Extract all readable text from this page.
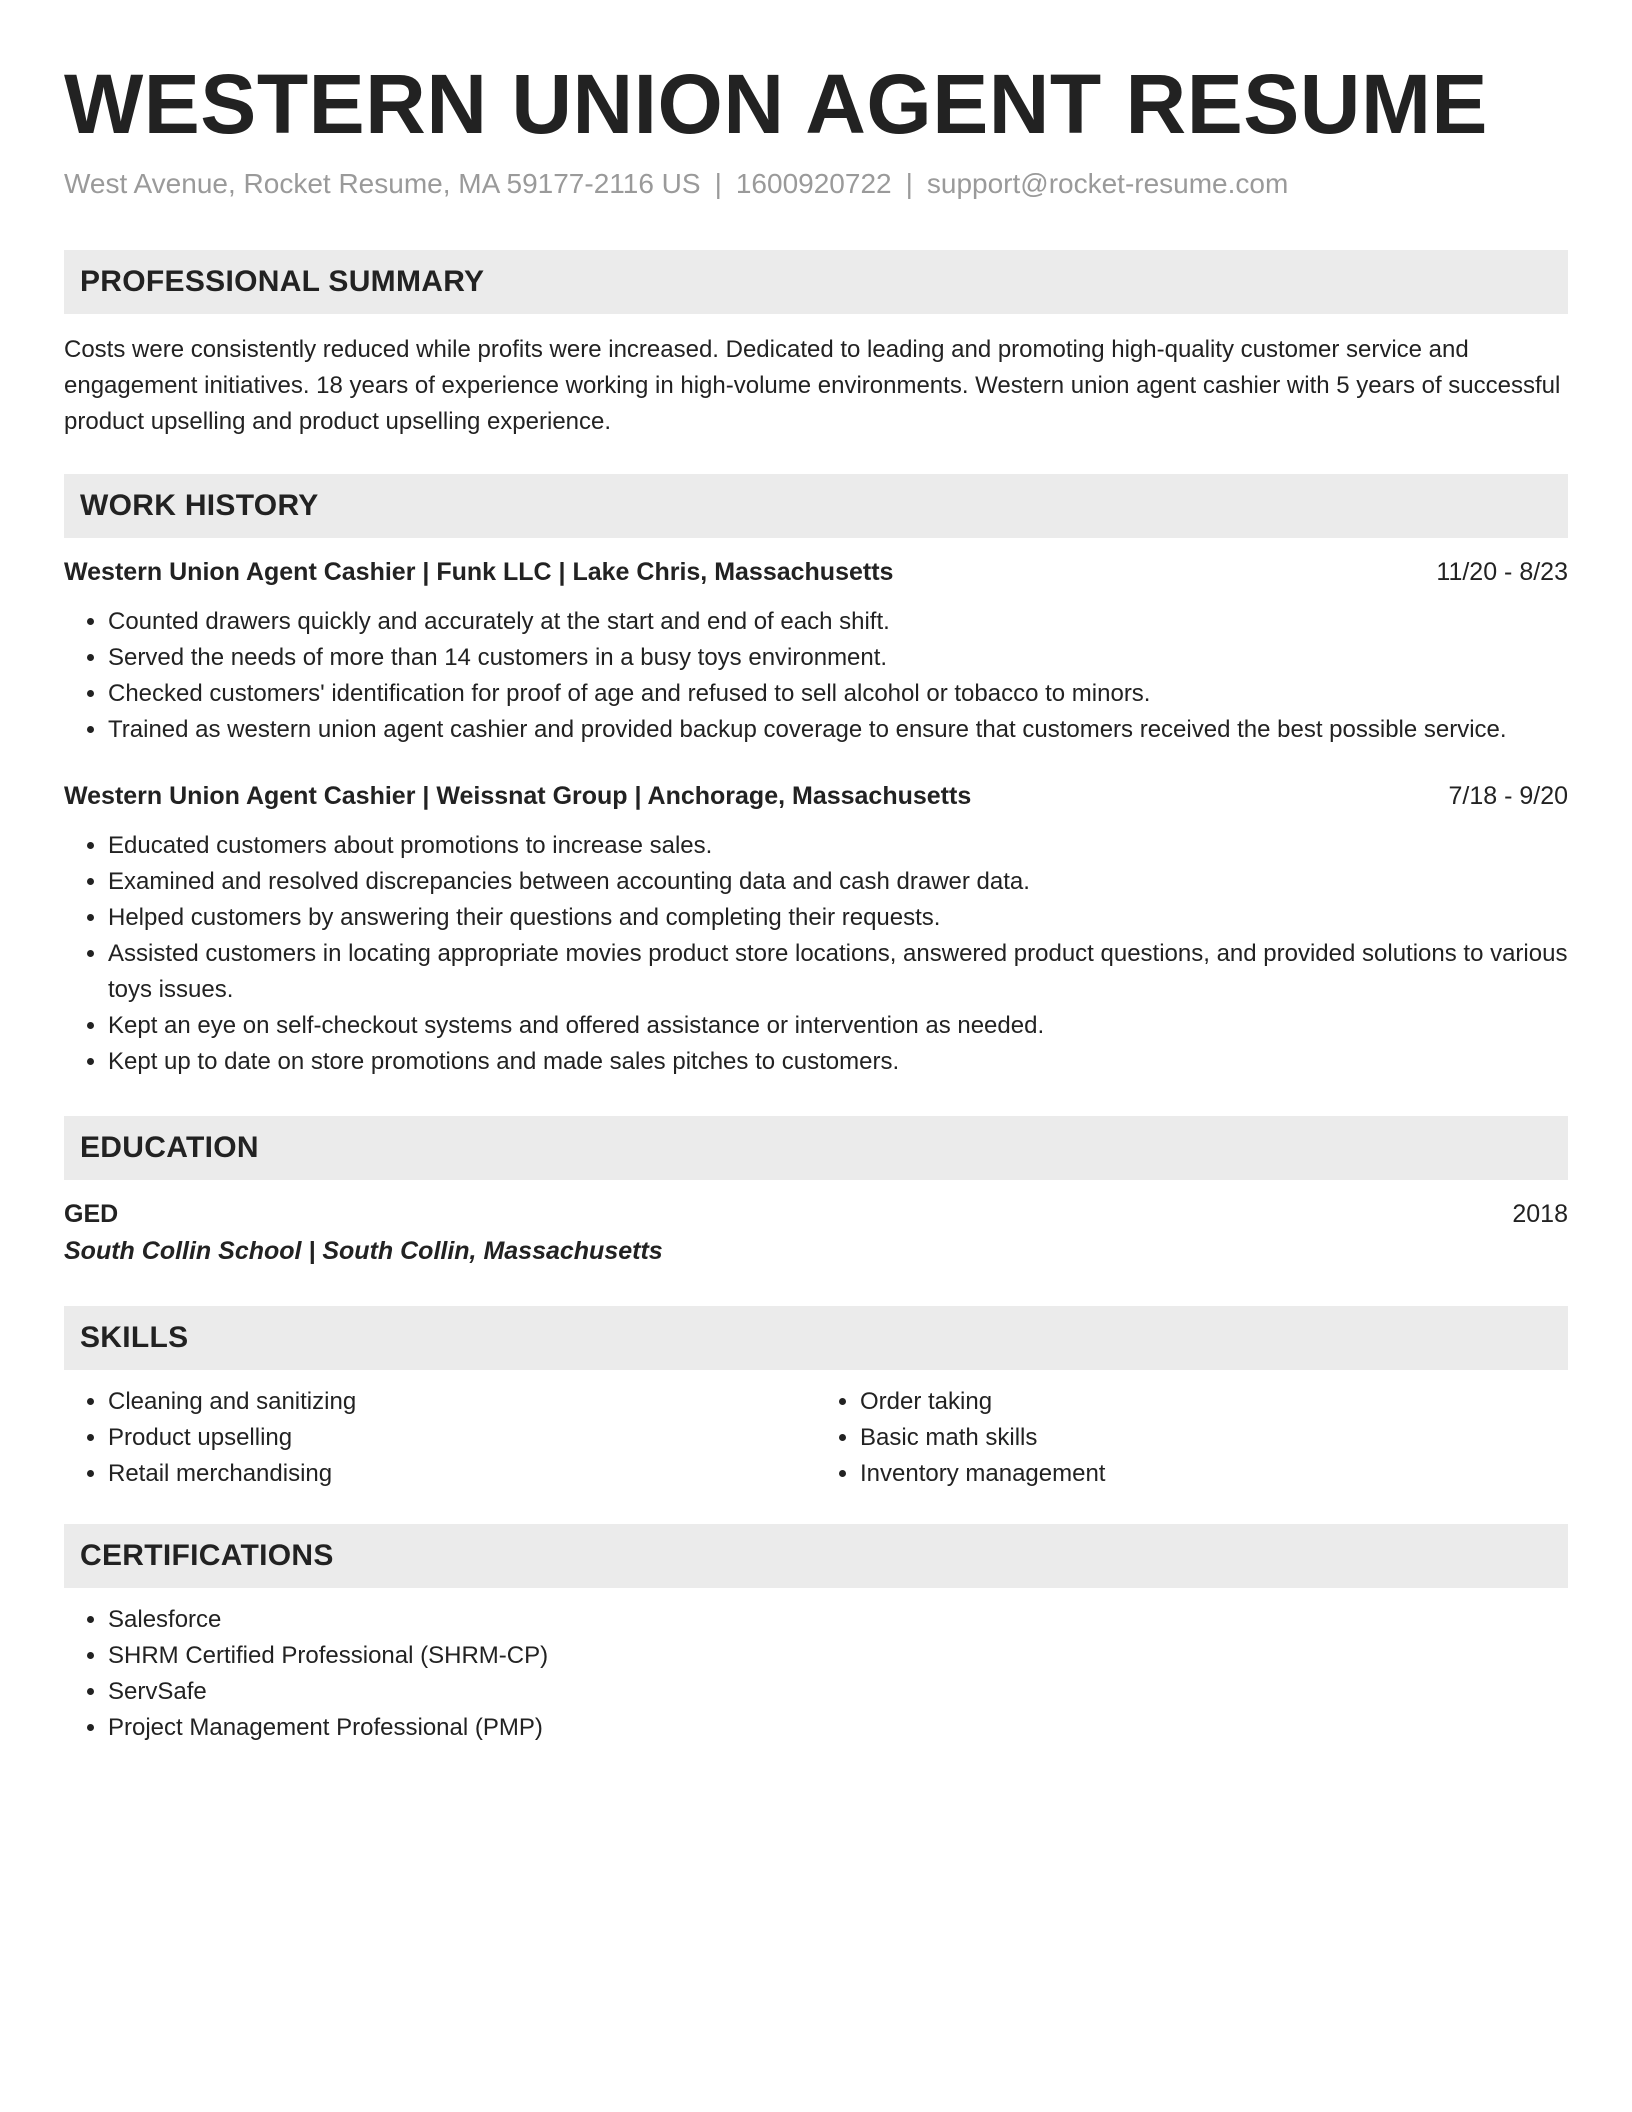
WESTERN UNION AGENT RESUME
West Avenue, Rocket Resume, MA 59177-2116 US | 1600920722 | support@rocket-resume.com
PROFESSIONAL SUMMARY

Costs were consistently reduced while profits were increased. Dedicated to leading and promoting high-quality customer service and engagement initiatives. 18 years of experience working in high-volume environments. Western union agent cashier with 5 years of successful product upselling and product upselling experience.

WORK HISTORY
Western Union Agent Cashier | Funk LLC | Lake Chris, Massachusetts	11/20 - 8/23
• Counted drawers quickly and accurately at the start and end of each shift.
• Served the needs of more than 14 customers in a busy toys environment.
• Checked customers' identification for proof of age and refused to sell alcohol or tobacco to minors.
• Trained as western union agent cashier and provided backup coverage to ensure that customers received the best possible service.
Western Union Agent Cashier | Weissnat Group | Anchorage, Massachusetts	7/18 - 9/20
• Educated customers about promotions to increase sales.
• Examined and resolved discrepancies between accounting data and cash drawer data.
• Helped customers by answering their questions and completing their requests.
• Assisted customers in locating appropriate movies product store locations, answered product questions, and provided solutions to various toys issues.
• Kept an eye on self-checkout systems and offered assistance or intervention as needed.
• Kept up to date on store promotions and made sales pitches to customers.
EDUCATION
GED	2018
South Collin School | South Collin, Massachusetts
SKILLS
• Cleaning and sanitizing
• Product upselling
• Retail merchandising
• Order taking
• Basic math skills
• Inventory management
CERTIFICATIONS
• Salesforce
• SHRM Certified Professional (SHRM-CP)
• ServSafe
• Project Management Professional (PMP)
